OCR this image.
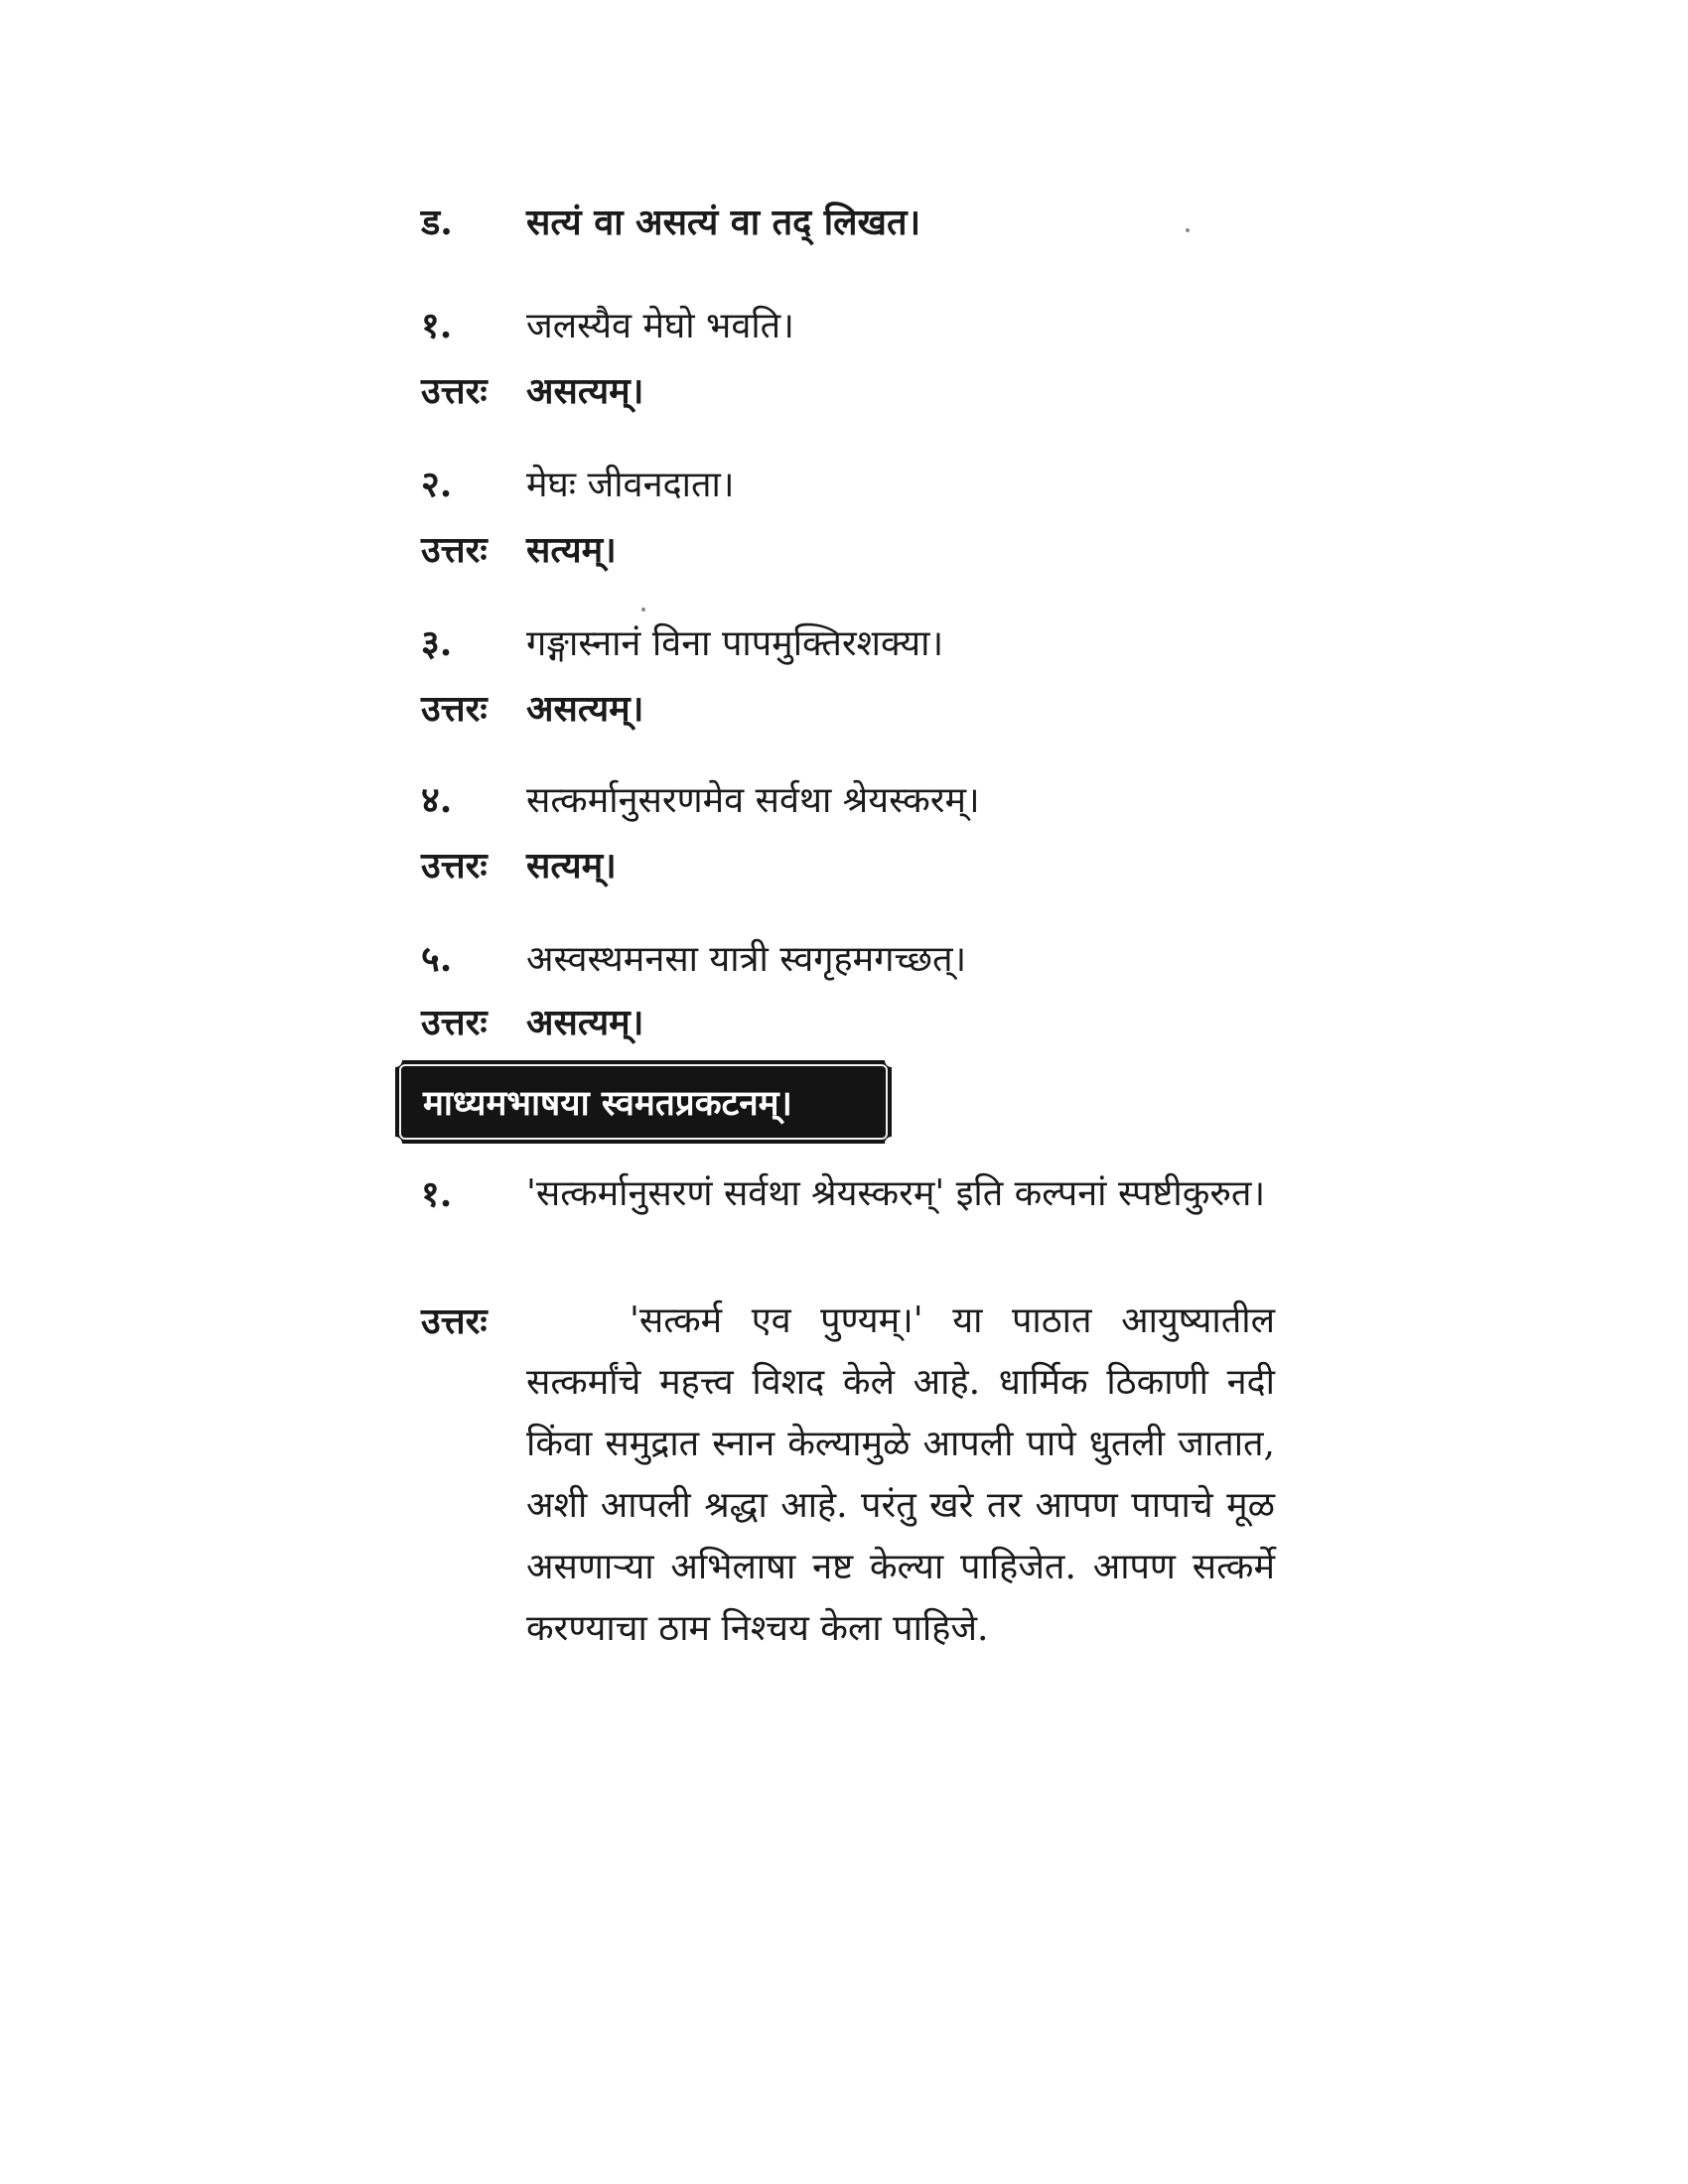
ड.	सत्यं वा असत्यं वा तद् लिखत।
१.	जलस्यैव मेघो भवति।
उत्तरः	असत्यम्।
२.	मेघः जीवनदाता।
उत्तरः	सत्यम्।
३.	गङ्गास्नानं विना पापमुक्तिरशक्या।
उत्तरः	असत्यम्।
४.	सत्कर्मानुसरणमेव सर्वथा श्रेयस्करम्।
उत्तरः	सत्यम्।
५.	अस्वस्थमनसा यात्री स्वगृहमगच्छत्।
उत्तरः	असत्यम्।
माध्यमभाषया स्वमतप्रकटनम्।
१.	'सत्कर्मानुसरणं सर्वथा श्रेयस्करम्' इति कल्पनां स्पष्टीकुरुत।
उत्तरः	'सत्कर्म एव पुण्यम्।' या पाठात आयुष्यातील सत्कर्मांचे महत्त्व विशद केले आहे. धार्मिक ठिकाणी नदी किंवा समुद्रात स्नान केल्यामुळे आपली पापे धुतली जातात, अशी आपली श्रद्धा आहे. परंतु खरे तर आपण पापाचे मूळ असणाऱ्या अभिलाषा नष्ट केल्या पाहिजेत. आपण सत्कर्मे करण्याचा ठाम निश्चय केला पाहिजे.
